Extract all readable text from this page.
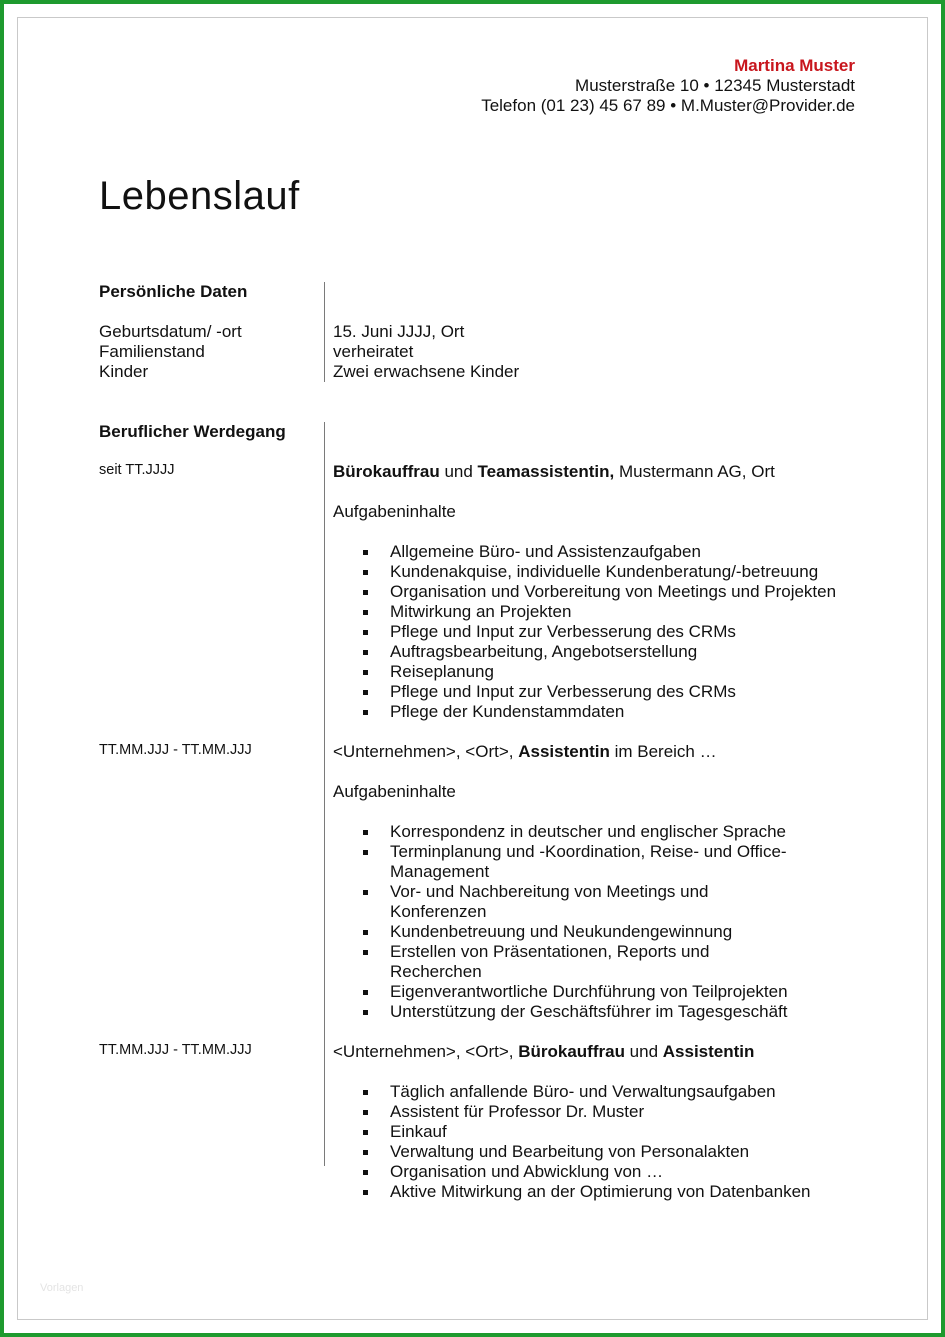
Martina Muster
Musterstraße 10 • 12345 Musterstadt
Telefon (01 23) 45 67 89 • M.Muster@Provider.de
Lebenslauf
Persönliche Daten
Geburtsdatum/ -ort	15. Juni JJJJ, Ort
Familienstand	verheiratet
Kinder	Zwei erwachsene Kinder
Beruflicher Werdegang
seit TT.JJJJ	Bürokauffrau und Teamassistentin, Mustermann AG, Ort
Aufgabeninhalte
Allgemeine Büro- und Assistenzaufgaben
Kundenakquise, individuelle Kundenberatung/-betreuung
Organisation und Vorbereitung von Meetings und Projekten
Mitwirkung an Projekten
Pflege und Input zur Verbesserung des CRMs
Auftragsbearbeitung, Angebotserstellung
Reiseplanung
Pflege und Input zur Verbesserung des CRMs
Pflege der Kundenstammdaten
TT.MM.JJJ - TT.MM.JJJ	<Unternehmen>, <Ort>, Assistentin im Bereich …
Aufgabeninhalte
Korrespondenz in deutscher und englischer Sprache
Terminplanung und -Koordination, Reise- und Office-Management
Vor- und Nachbereitung von Meetings und Konferenzen
Kundenbetreuung und Neukundengewinnung
Erstellen von Präsentationen, Reports und Recherchen
Eigenverantwortliche Durchführung von Teilprojekten
Unterstützung der Geschäftsführer im Tagesgeschäft
TT.MM.JJJ - TT.MM.JJJ	<Unternehmen>, <Ort>, Bürokauffrau und Assistentin
Täglich anfallende Büro- und Verwaltungsaufgaben
Assistent für Professor Dr. Muster
Einkauf
Verwaltung und Bearbeitung von Personalakten
Organisation und Abwicklung von …
Aktive Mitwirkung an der Optimierung von Datenbanken
Vorlagen
